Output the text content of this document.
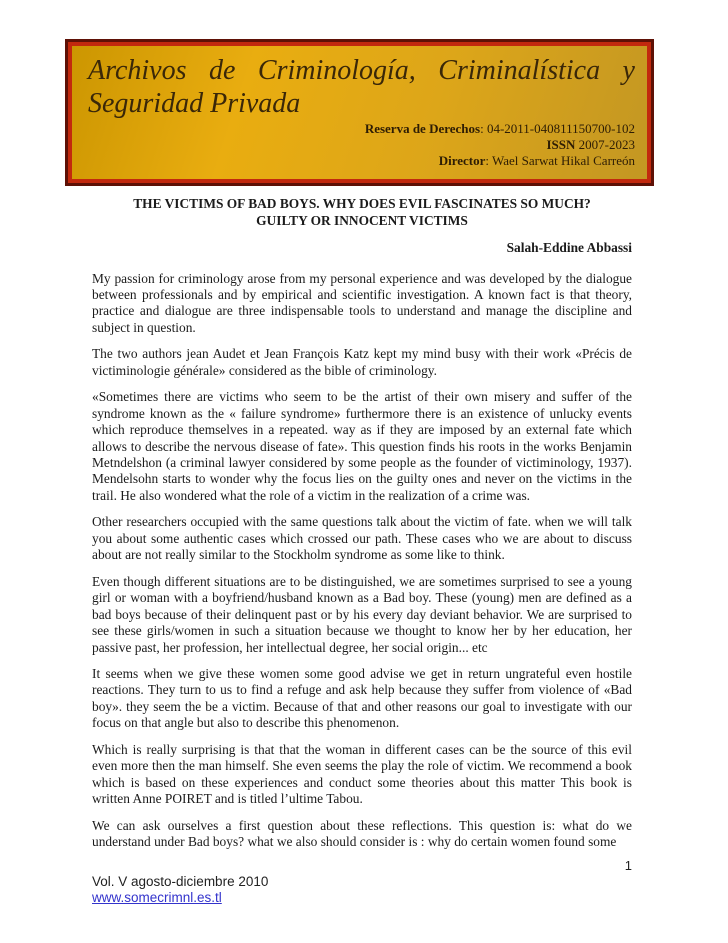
Archivos de Criminología, Criminalística y
Seguridad Privada
Reserva de Derechos: 04-2011-040811150700-102
ISSN 2007-2023
Director: Wael Sarwat Hikal Carreón
THE VICTIMS OF BAD BOYS. WHY DOES EVIL FASCINATES SO MUCH? GUILTY OR INNOCENT VICTIMS
Salah-Eddine Abbassi

My passion for criminology arose from my personal experience and was developed by the dialogue between professionals and by empirical and scientific investigation. A known fact is that theory, practice and dialogue are three indispensable tools to understand and manage the discipline and subject in question.

The two authors jean Audet et Jean François Katz kept my mind busy with their work «Précis de victiminologie générale» considered as the bible of criminology.

«Sometimes there are victims who seem to be the artist of their own misery and suffer of the syndrome known as the « failure syndrome» furthermore there is an existence of unlucky events which reproduce themselves in a repeated. way as if they are imposed by an external fate which allows to describe the nervous disease of fate». This question finds his roots in the works Benjamin Metndelshon (a criminal lawyer considered by some people as the founder of victiminology, 1937). Mendelsohn starts to wonder why the focus lies on the guilty ones and never on the victims in the trail. He also wondered what the role of a victim in the realization of a crime was.

Other researchers occupied with the same questions talk about the victim of fate. when we will talk you about some authentic cases which crossed our path. These cases who we are about to discuss about are not really similar to the Stockholm syndrome as some like to think.

Even though different situations are to be distinguished, we are sometimes surprised to see a young girl or woman with a boyfriend/husband known as a Bad boy. These (young) men are defined as a bad boys because of their delinquent past or by his every day deviant behavior. We are surprised to see these girls/women in such a situation because we thought to know her by her education, her passive past, her profession, her intellectual degree, her social origin... etc

It seems when we give these women some good advise we get in return ungrateful even hostile reactions. They turn to us to find a refuge and ask help because they suffer from violence of «Bad boy». they seem the be a victim. Because of that and other reasons our goal to investigate with our focus on that angle but also to describe this phenomenon.

Which is really surprising is that that the woman in different cases can be the source of this evil even more then the man himself. She even seems the play the role of victim. We recommend a book which is based on these experiences and conduct some theories about this matter This book is written Anne POIRET and is titled l’ultime Tabou.

We can ask ourselves a first question about these reflections. This question is: what do we understand under Bad boys? what we also should consider is : why do certain women found some

1
Vol. V agosto-diciembre 2010
www.somecrimnl.es.tl
